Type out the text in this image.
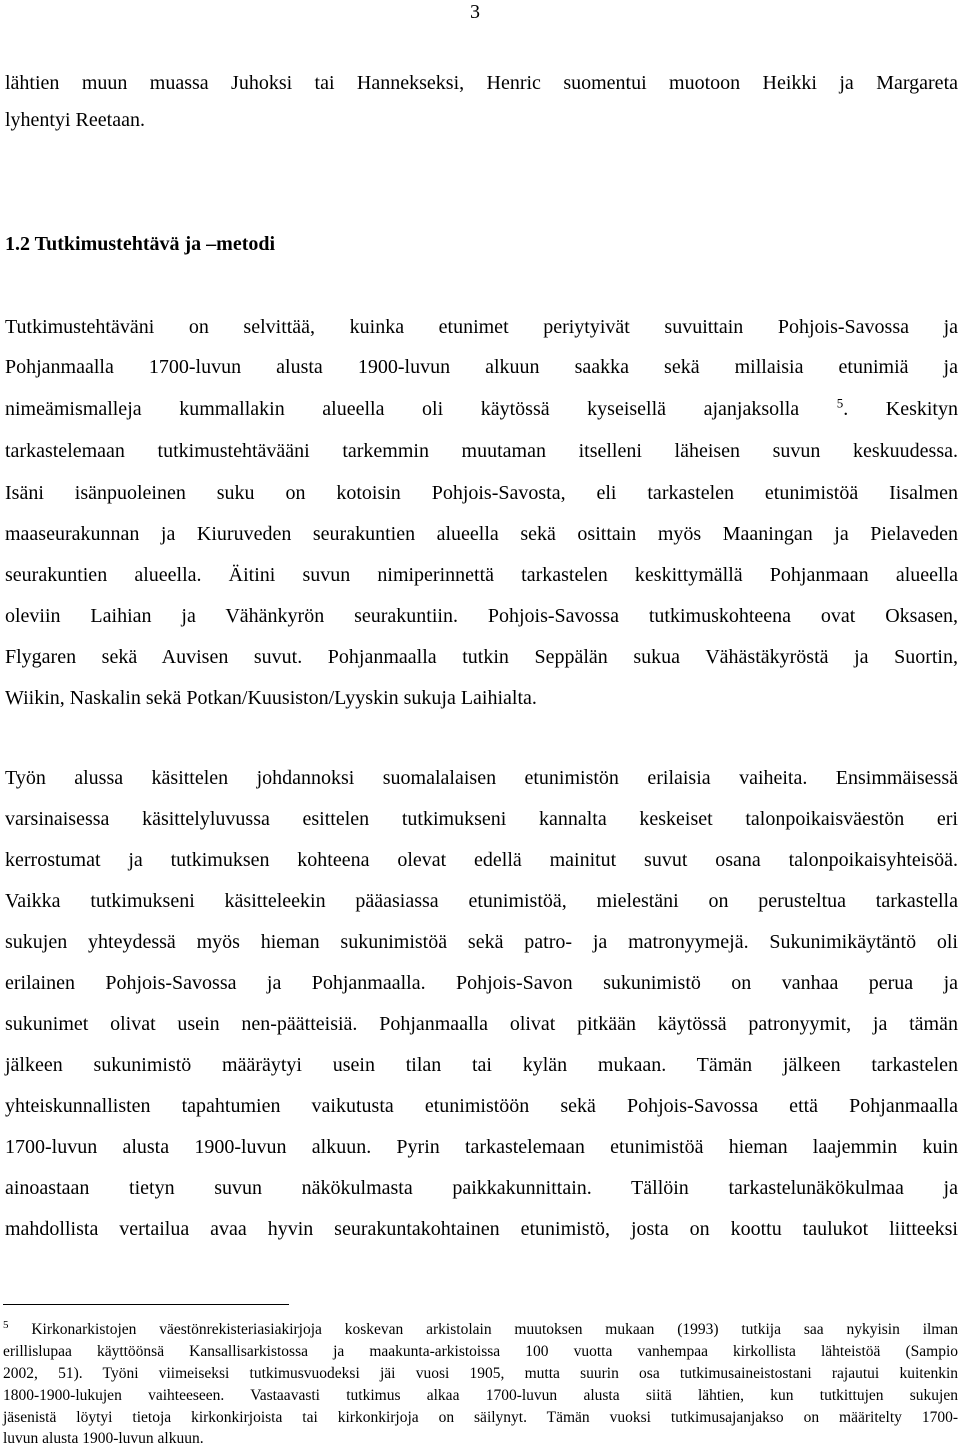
3
lähtien muun muassa Juhoksi tai Hannekseksi, Henric suomentui muotoon Heikki ja Margareta
lyhentyi Reetaan.
1.2 Tutkimustehtävä ja –metodi
Tutkimustehtäväni on selvittää, kuinka etunimet periytyivät suvuittain Pohjois-Savossa ja
Pohjanmaalla 1700-luvun alusta 1900-luvun alkuun saakka sekä millaisia etunimiä ja
nimeämismalleja kummallakin alueella oli käytössä kyseisellä ajanjaksolla $^5$. Keskityn
tarkastelemaan tutkimustehtävääni tarkemmin muutaman itselleni läheisen suvun keskuudessa.
Isäni isänpuoleinen suku on kotoisin Pohjois-Savosta, eli tarkastelen etunimistöä Iisalmen
maaseurakunnan ja Kiuruveden seurakuntien alueella sekä osittain myös Maaningan ja Pielaveden
seurakuntien alueella. Äitini suvun nimiperinnettä tarkastelen keskittymällä Pohjanmaan alueella
oleviin Laihian ja Vähänkyrön seurakuntiin. Pohjois-Savossa tutkimuskohteena ovat Oksasen,
Flygaren sekä Auvisen suvut. Pohjanmaalla tutkin Seppälän sukua Vähästäkyröstä ja Suortin,
Wiikin, Naskalin sekä Potkan/Kuusiston/Lyyskin sukuja Laihialta.
Työn alussa käsittelen johdannoksi suomalalaisen etunimistön erilaisia vaiheita. Ensimmäisessä
varsinaisessa käsittelyluvussa esittelen tutkimukseni kannalta keskeiset talonpoikaisväestön eri
kerrostumat ja tutkimuksen kohteena olevat edellä mainitut suvut osana talonpoikaisyhteisöä.
Vaikka tutkimukseni käsitteleekin pääasiassa etunimistöä, mielestäni on perusteltua tarkastella
sukujen yhteydessä myös hieman sukunimistöä sekä patro- ja matronyymejä. Sukunimikäytäntö oli
erilainen Pohjois-Savossa ja Pohjanmaalla. Pohjois-Savon sukunimistö on vanhaa perua ja
sukunimet olivat usein nen-päätteisiä. Pohjanmaalla olivat pitkään käytössä patronyymit, ja tämän
jälkeen sukunimistö määräytyi usein tilan tai kylän mukaan. Tämän jälkeen tarkastelen
yhteiskunnallisten tapahtumien vaikutusta etunimistöön sekä Pohjois-Savossa että Pohjanmaalla
1700-luvun alusta 1900-luvun alkuun. Pyrin tarkastelemaan etunimistöä hieman laajemmin kuin
ainoastaan tietyn suvun näkökulmasta paikkakunnittain. Tällöin tarkastelunäkökulmaa ja
mahdollista vertailua avaa hyvin seurakuntakohtainen etunimistö, josta on koottu taulukot liitteeksi
$^5$ Kirkonarkistojen väestönrekisteriasiakirjoja koskevan arkistolain muutoksen mukaan (1993) tutkija saa nykyisin ilman
erillislupaa käyttöönsä Kansallisarkistossa ja maakunta-arkistoissa 100 vuotta vanhempaa kirkollista lähteistöä (Sampio
2002, 51). Työni viimeiseksi tutkimusvuodeksi jäi vuosi 1905, mutta suurin osa tutkimusaineistostani rajautui kuitenkin
1800-1900-lukujen vaihteeseen. Vastaavasti tutkimus alkaa 1700-luvun alusta siitä lähtien, kun tutkittujen sukujen
jäsenistä löytyi tietoja kirkonkirjoista tai kirkonkirjoja on säilynyt. Tämän vuoksi tutkimusajanjakso on määritelty 1700-
luvun alusta 1900-luvun alkuun.
